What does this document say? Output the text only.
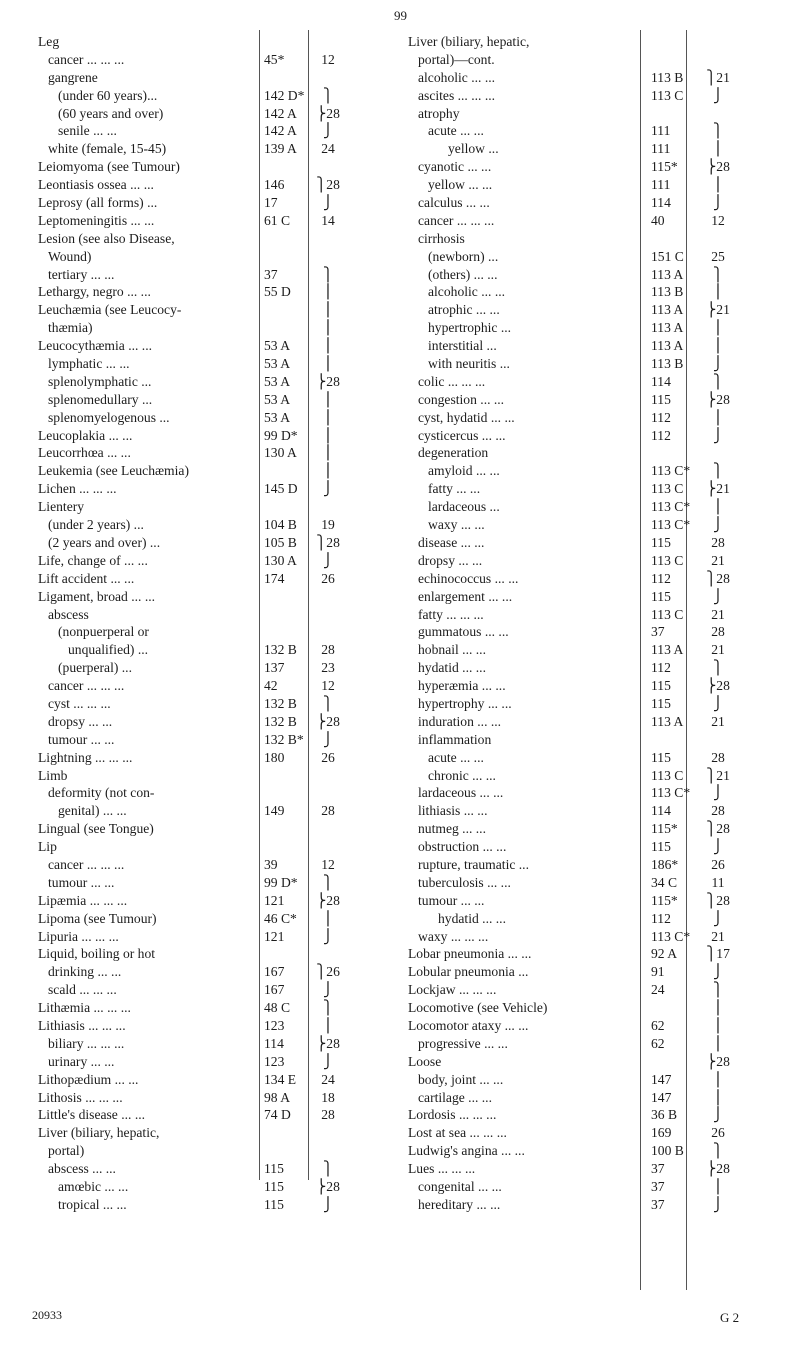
99
Leg
cancer ... ... ...	45*	12
gangrene
(under 60 years)...	142 D*	⎫
(60 years and over)	142 A ⎬28
senile ... ...	142 A	⎭
white (female, 15-45)	139 A	24
Leiomyoma (see Tumour)
Leontiasis ossea ... ...	146 ⎫28
Leprosy (all forms) ...	17	⎭
Leptomeningitis ... ...	61 C	14
Lesion (see also Disease,
Wound)
tertiary ... ...	37	⎫
Lethargy, negro ... ...	55 D	⎪
Leuchæmia (see Leucocy-	⎪
thæmia)	⎪
Leucocythæmia ... ...	53 A	⎪
lymphatic ... ...	53 A	⎪
splenolymphatic ...	53 A ⎬28
splenomedullary ...	53 A	⎪
splenomyelogenous ...	53 A	⎪
Leucoplakia ... ...	99 D*	⎪
Leucorrhœa ... ...	130 A	⎪
Leukemia (see Leuchæmia)	⎪
Lichen ... ... ...	145 D	⎭
Lientery
(under 2 years) ...	104 B	19
(2 years and over) ...	105 B ⎫28
Life, change of ... ...	130 A	⎭
Lift accident ... ...	174	26
Ligament, broad ... ...
abscess
(nonpuerperal or
unqualified) ...	132 B	28
(puerperal) ...	137	23
cancer ... ... ...	42	12
cyst ... ... ...	132 B	⎫
dropsy ... ...	132 B ⎬28
tumour ... ...	132 B*	⎭
Lightning ... ... ...	180	26
Limb
deformity (not con-
genital) ... ...	149	28
Lingual (see Tongue)
Lip
cancer ... ... ...	39	12
tumour ... ...	99 D*	⎫
Lipæmia ... ... ...	121 ⎬28
Lipoma (see Tumour)	46 C*	⎪
Lipuria ... ... ...	121	⎭
Liquid, boiling or hot
drinking ... ...	167 ⎫26
scald ... ... ...	167	⎭
Lithæmia ... ... ...	48 C	⎫
Lithiasis ... ... ...	123	⎪
biliary ... ... ...	114 ⎬28
urinary ... ...	123	⎭
Lithopædium ... ...	134 E	24
Lithosis ... ... ...	98 A	18
Little's disease ... ...	74 D	28
Liver (biliary, hepatic,
portal)
abscess ... ...	115	⎫
amœbic ... ...	115 ⎬28
tropical ... ...	115	⎭
Liver (biliary, hepatic,
portal)—cont.
alcoholic ... ...	113 B ⎫21
ascites ... ... ...	113 C	⎭
atrophy
acute ... ...	111	⎫
yellow ...	111	⎪
cyanotic ... ...	115* ⎬28
yellow ... ...	111	⎪
calculus ... ...	114	⎭
cancer ... ... ...	40	12
cirrhosis
(newborn) ...	151 C	25
(others) ... ...	113 A	⎫
alcoholic ... ...	113 B	⎪
atrophic ... ...	113 A ⎬21
hypertrophic ...	113 A	⎪
interstitial ...	113 A	⎪
with neuritis ...	113 B	⎭
colic ... ... ...	114	⎫
congestion ... ...	115	⎬28
cyst, hydatid ... ...	112	⎪
cysticercus ... ...	112	⎭
degeneration
amyloid ... ...	113 C*	⎫
fatty ... ...	113 C ⎬21
lardaceous ...	113 C*	⎪
waxy ... ...	113 C*	⎭
disease ... ...	115	28
dropsy ... ...	113 C	21
echinococcus ... ...	112	⎫28
enlargement ... ...	115	⎭
fatty ... ... ...	113 C	21
gummatous ... ...	37	28
hobnail ... ...	113 A	21
hydatid ... ...	112	⎫
hyperæmia ... ...	115	⎬28
hypertrophy ... ...	115	⎭
induration ... ...	113 A	21
inflammation
acute ... ...	115	28
chronic ... ...	113 C ⎫21
lardaceous ... ...	113 C*	⎭
lithiasis ... ...	114	28
nutmeg ... ...	115* ⎫28
obstruction ... ...	115	⎭
rupture, traumatic ...	186*	26
tuberculosis ... ...	34 C	11
tumour ... ...	115* ⎫28
hydatid ... ...	112	⎭
waxy ... ... ...	113 C*	21
Lobar pneumonia ... ...	92 A ⎫17
Lobular pneumonia ...	91	⎭
Lockjaw ... ... ...	24	⎫
Locomotive (see Vehicle)	⎪
Locomotor ataxy ... ...	62	⎪
progressive ... ...	62	⎪
Loose	⎬28
body, joint ... ...	147	⎪
cartilage ... ...	147	⎪
Lordosis ... ... ...	36 B	⎭
Lost at sea ... ... ...	169	26
Ludwig's angina ... ...	100 B	⎫
Lues ... ... ...	37	⎬28
congenital ... ...	37	⎪
hereditary ... ...	37	⎭
20933	G 2
